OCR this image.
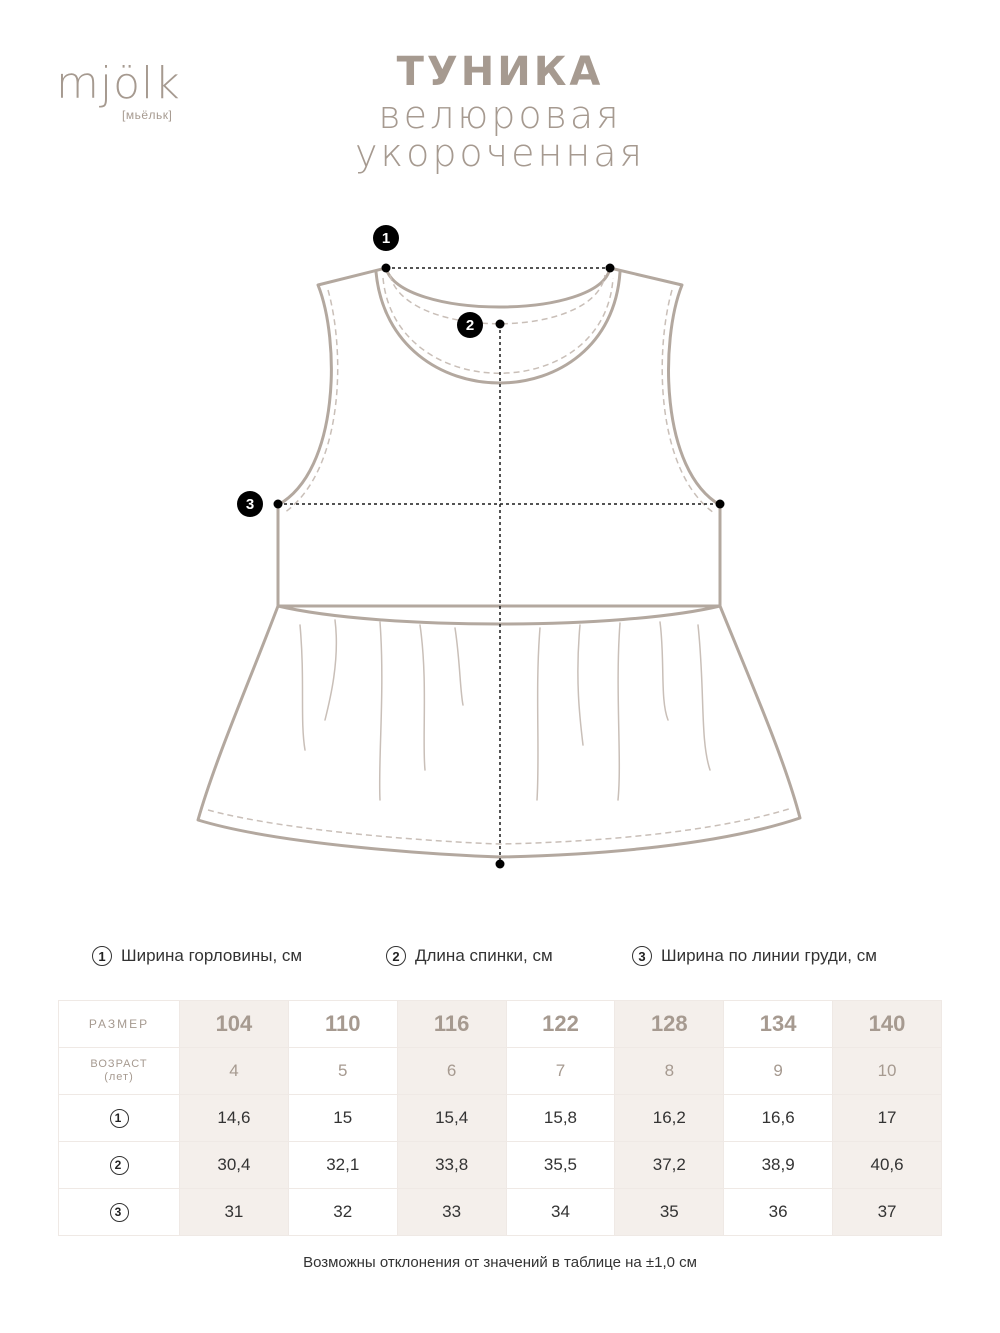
mjölk
[мьёльк]
ТУНИКА
велюровая
укороченная
1
2
3
1 Ширина горловины, см	2 Длина спинки, см	3 Ширина по линии груди, см
РАЗМЕР	104	110	116	122	128	134	140

ВОЗРАСТ
(лет)	4	5	6	7	8	9	10
1	14,6	15	15,4	15,8	16,2	16,6	17
2	30,4	32,1	33,8	35,5	37,2	38,9	40,6
3	31	32	33	34	35	36	37
Возможны отклонения от значений в таблице на ±1,0 см
